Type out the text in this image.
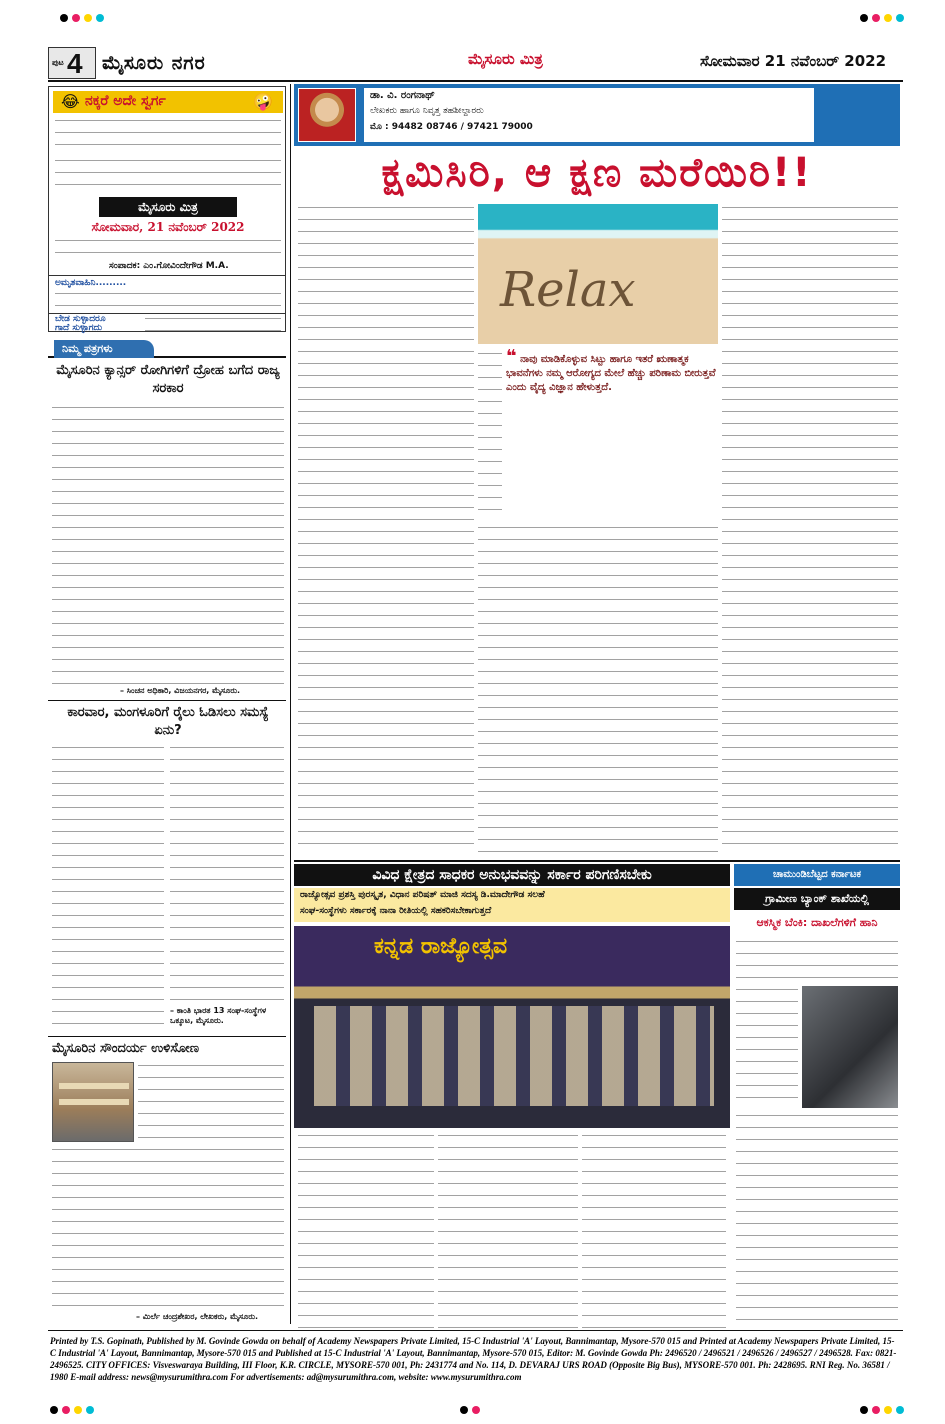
ಪುಟ 4 ಮೈಸೂರು ನಗರ	ಮೈಸೂರು ಮಿತ್ರ	ಸೋಮವಾರ 21 ನವೆಂಬರ್ 2022
😂 ನಕ್ಕರೆ ಅದೇ ಸ್ವರ್ಗ	🤪
ಮೈಸೂರು ಮಿತ್ರ
ಸೋಮವಾರ, 21 ನವೆಂಬರ್ 2022
ಸಂಪಾದಕ: ಎಂ.ಗೋವಿಂದೇಗೌಡ M.A.
ಅಮೃತವಾಹಿನಿ.........
ಬೇಡ ಸುಳ್ಳಾದರೂ
ಗಾದೆ ಸುಳ್ಳಾಗದು
ನಿಮ್ಮ ಪತ್ರಗಳು
ಮೈಸೂರಿನ ಕ್ಯಾನ್ಸರ್ ರೋಗಿಗಳಿಗೆ ದ್ರೋಹ ಬಗೆದ ರಾಜ್ಯ ಸರಕಾರ
– ಸಿಂಚನ ಅಧಿಕಾರಿ, ವಿಜಯನಗರ, ಮೈಸೂರು.
ಕಾರವಾರ, ಮಂಗಳೂರಿಗೆ ರೈಲು ಓಡಿಸಲು ಸಮಸ್ಯೆ ಏನು?
– ಕಾಂತಿ ಭಾರತ 13 ಸಂಘ-ಸಂಸ್ಥೆಗಳ ಒಕ್ಕೂಟ, ಮೈಸೂರು.
ಮೈಸೂರಿನ ಸೌಂದರ್ಯ ಉಳಿಸೋಣ
– ಮಿರ್ಲೆ ಚಂದ್ರಶೇಖರ, ಲೇಖಕರು, ಮೈಸೂರು.
ಡಾ. ವಿ. ರಂಗನಾಥ್
ಲೇಖಕರು ಹಾಗೂ ನಿವೃತ್ತ ತಹಶೀಲ್ದಾರರು
ಮೊ : 94482 08746 / 97421 79000
ಚಿಂತನೆ
ಕ್ಷಮಿಸಿರಿ, ಆ ಕ್ಷಣ ಮರೆಯಿರಿ!!
Relax
❝ ನಾವು ಮಾಡಿಕೊಳ್ಳುವ ಸಿಟ್ಟು ಹಾಗೂ ಇತರೆ ಋಣಾತ್ಮಕ ಭಾವನೆಗಳು ನಮ್ಮ ಆರೋಗ್ಯದ ಮೇಲೆ ಹೆಚ್ಚು ಪರಿಣಾಮ ಬೀರುತ್ತವೆ ಎಂದು ವೈದ್ಯ ವಿಜ್ಞಾನ ಹೇಳುತ್ತದೆ.
ವಿವಿಧ ಕ್ಷೇತ್ರದ ಸಾಧಕರ ಅನುಭವವನ್ನು ಸರ್ಕಾರ ಪರಿಗಣಿಸಬೇಕು
ರಾಜ್ಯೋತ್ಸವ ಪ್ರಶಸ್ತಿ ಪುರಸ್ಕೃತ, ವಿಧಾನ ಪರಿಷತ್ ಮಾಜಿ ಸದಸ್ಯ ಡಿ.ಮಾದೇಗೌಡ ಸಲಹೆ
ಸಂಘ-ಸಂಸ್ಥೆಗಳು ಸರ್ಕಾರಕ್ಕೆ ನಾನಾ ರೀತಿಯಲ್ಲಿ ಸಹಕರಿಸಬೇಕಾಗುತ್ತದೆ
ಕನ್ನಡ ರಾಜ್ಯೋತ್ಸವ
ಚಾಮುಂಡಿಬೆಟ್ಟದ ಕರ್ನಾಟಕ
ಗ್ರಾಮೀಣ ಬ್ಯಾಂಕ್ ಶಾಖೆಯಲ್ಲಿ
ಆಕಸ್ಮಿಕ ಬೆಂಕಿ: ದಾಖಲೆಗಳಿಗೆ ಹಾನಿ
Printed by T.S. Gopinath, Published by M. Govinde Gowda on behalf of Academy Newspapers Private Limited, 15-C Industrial 'A' Layout, Bannimantap, Mysore-570 015 and Printed at Academy Newspapers Private Limited, 15-C Industrial 'A' Layout, Bannimantap, Mysore-570 015 and Published at 15-C Industrial 'A' Layout, Bannimantap, Mysore-570 015, Editor: M. Govinde Gowda Ph: 2496520 / 2496521 / 2496526 / 2496527 / 2496528. Fax: 0821-2496525. CITY OFFICES: Visveswaraya Building, III Floor, K.R. CIRCLE, MYSORE-570 001, Ph: 2431774 and No. 114, D. DEVARAJ URS ROAD (Opposite Big Bus), MYSORE-570 001. Ph: 2428695. RNI Reg. No. 36581 / 1980 E-mail address: news@mysurumithra.com For advertisements: ad@mysurumithra.com, website: www.mysurumithra.com
